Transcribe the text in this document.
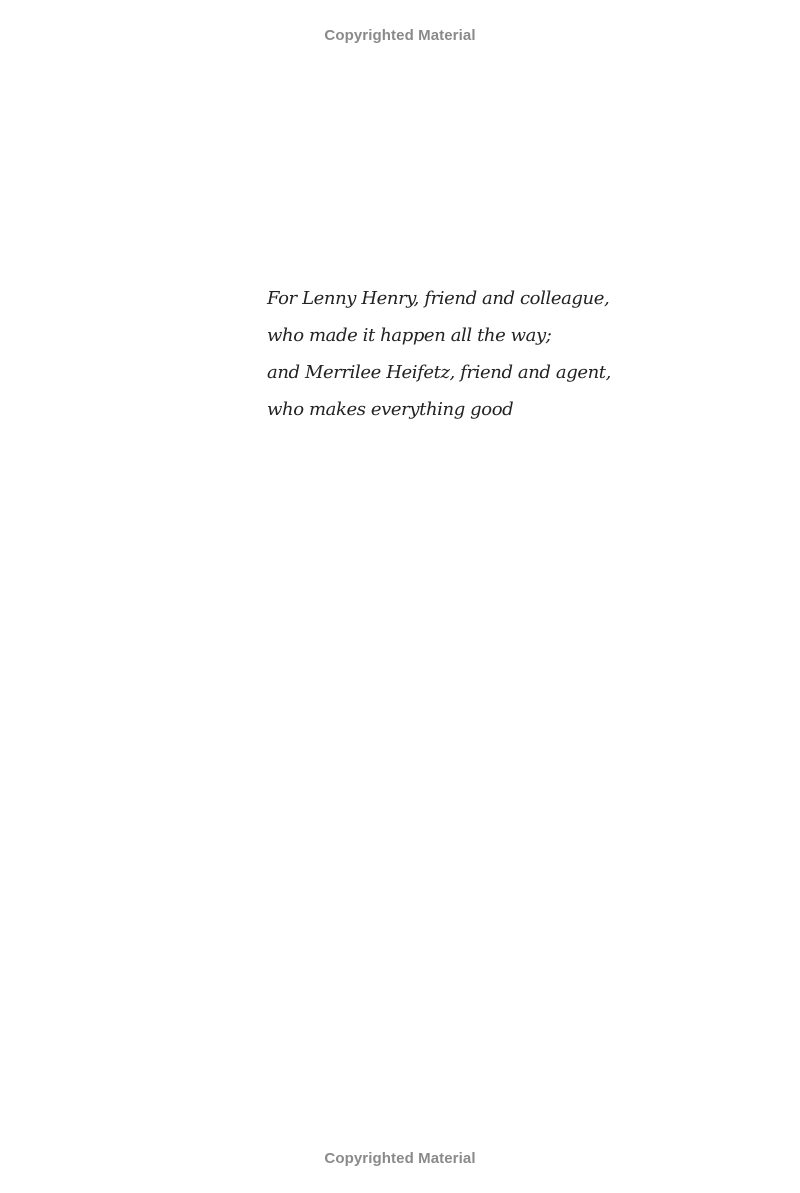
Copyrighted Material
For Lenny Henry, friend and colleague,
who made it happen all the way;
and Merrilee Heifetz, friend and agent,
who makes everything good
Copyrighted Material
